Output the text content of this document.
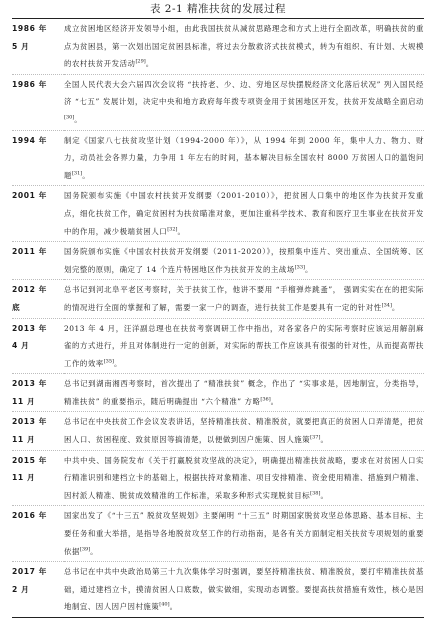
表 2-1 精准扶贫的发展过程
1986 年
5 月	成立贫困地区经济开发领导小组，由此我国扶贫从减贫思路理念和方式上进行全面改革，明确扶贫的重点为贫困县，第一次划出国定贫困县标准，将过去分散救济式扶贫模式，转为有组织、有计划、大规模的农村扶贫开发活动[29]。
1986 年	全国人民代表大会六届四次会议将 “扶持老、少、边、穷地区尽快摆脱经济文化落后状况” 列入国民经济 “七五” 发展计划，决定中央和地方政府每年拨专项资金用于贫困地区开发，扶贫开发战略全面启动[30]。
1994 年	制定《国家八七扶贫攻坚计划（1994-2000 年）》，从 1994 年到 2000 年，集中人力、物力、财力，动员社会各界力量，力争用 1 年左右的时间，基本解决目标全国农村 8000 万贫困人口的温饱问题[31]。
2001 年	国务院颁布实施《中国农村扶贫开发纲要（2001-2010）》，把贫困人口集中的地区作为扶贫开发重点，细化扶贫工作，确定贫困村为扶贫瞄准对象，更加注重科学技术、教育和医疗卫生事业在扶贫开发中的作用，减少极端贫困人口[32]。
2011 年	国务院颁布实施《中国农村扶贫开发纲要（2011-2020）》，按照集中连片、突出重点、全国统筹、区划完整的原则，确定了 14 个连片特困地区作为扶贫开发的主战场[33]。
2012 年
底	总书记到河北阜平老区考察时，关于扶贫工作，他讲不要用 “手榴弹炸跳蚤”， 强调实实在在的把实际的情况进行全面的掌握和了解，需要一家一户的调查，进行扶贫工作是要具有一定的针对性[34]。
2013 年
4 月	2013 年 4 月，汪洋副总理也在扶贫考察调研工作中指出，对各家各户的实际考察时应该运用解剖麻雀的方式进行，并且对体制进行一定的创新，对实际的帮扶工作应该具有很强的针对性，从而提高帮扶工作的效率[35]。
2013 年
11 月	总书记到湖南湘西考察时，首次提出了 “精准扶贫” 概念，作出了 “实事求是，因地制宜，分类指导，精准扶贫” 的重要指示，随后明确提出 “六个精准” 方略[36]。
2013 年
11 月	总书记在中央扶贫工作会议发表讲话，坚持精准扶贫、精准脱贫，就要把真正的贫困人口弄清楚，把贫困人口、贫困程度、致贫原因等搞清楚，以便做到因户施策、因人施策[37]。
2015 年
11 月	中共中央、国务院发布《关于打赢脱贫攻坚战的决定》，明确提出精准扶贫战略，要求在对贫困人口实行精准识别和建档立卡的基础上，根据扶持对象精准、项目安排精准、资金使用精准、措施到户精准、因村派人精准、脱贫成效精准的工作标准，采取多种形式实现脱贫目标[38]。
2016 年	国家出发了《“十三五” 脱贫攻坚规划》主要阐明 “十三五” 时期国家脱贫攻坚总体思路、基本目标、主要任务和重大举措，是指导各地脱贫攻坚工作的行动指南，是各有关方面制定相关扶贫专项规划的重要依据[39]。
2017 年
2 月	总书记在中共中央政治局第三十九次集体学习时强调，要坚持精准扶贫、精准脱贫，要打牢精准扶贫基础，通过建档立卡，摸清贫困人口底数，做实做细，实现动态调整。要提高扶贫措施有效性，核心是因地制宜、因人因户因村施策[40]。
